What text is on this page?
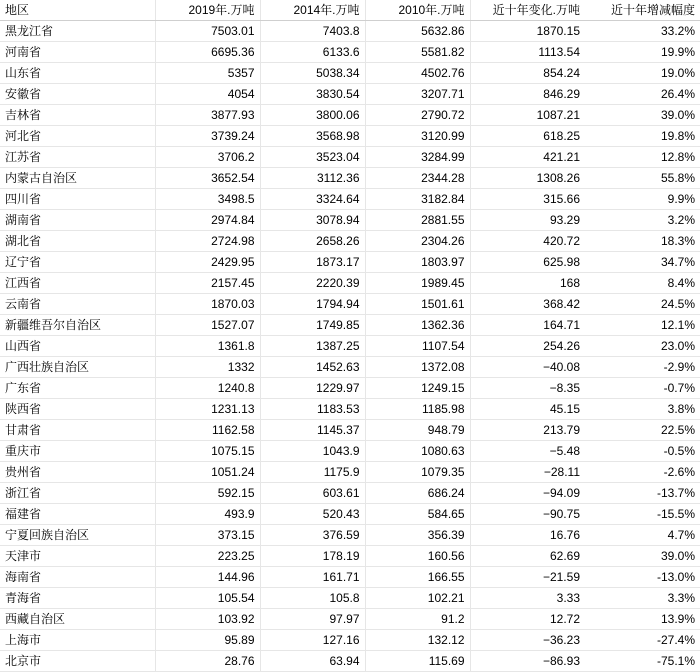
地区	2019年.万吨	2014年.万吨	2010年.万吨	近十年变化.万吨	近十年增减幅度
黑龙江省	7503.01	7403.8	5632.86	1870.15	33.2%
河南省	6695.36	6133.6	5581.82	1113.54	19.9%
山东省	5357	5038.34	4502.76	854.24	19.0%
安徽省	4054	3830.54	3207.71	846.29	26.4%
吉林省	3877.93	3800.06	2790.72	1087.21	39.0%
河北省	3739.24	3568.98	3120.99	618.25	19.8%
江苏省	3706.2	3523.04	3284.99	421.21	12.8%
内蒙古自治区	3652.54	3112.36	2344.28	1308.26	55.8%
四川省	3498.5	3324.64	3182.84	315.66	9.9%
湖南省	2974.84	3078.94	2881.55	93.29	3.2%
湖北省	2724.98	2658.26	2304.26	420.72	18.3%
辽宁省	2429.95	1873.17	1803.97	625.98	34.7%
江西省	2157.45	2220.39	1989.45	168	8.4%
云南省	1870.03	1794.94	1501.61	368.42	24.5%
新疆维吾尔自治区	1527.07	1749.85	1362.36	164.71	12.1%
山西省	1361.8	1387.25	1107.54	254.26	23.0%
广西壮族自治区	1332	1452.63	1372.08	−40.08	-2.9%
广东省	1240.8	1229.97	1249.15	−8.35	-0.7%
陕西省	1231.13	1183.53	1185.98	45.15	3.8%
甘肃省	1162.58	1145.37	948.79	213.79	22.5%
重庆市	1075.15	1043.9	1080.63	−5.48	-0.5%
贵州省	1051.24	1175.9	1079.35	−28.11	-2.6%
浙江省	592.15	603.61	686.24	−94.09	-13.7%
福建省	493.9	520.43	584.65	−90.75	-15.5%
宁夏回族自治区	373.15	376.59	356.39	16.76	4.7%
天津市	223.25	178.19	160.56	62.69	39.0%
海南省	144.96	161.71	166.55	−21.59	-13.0%
青海省	105.54	105.8	102.21	3.33	3.3%
西藏自治区	103.92	97.97	91.2	12.72	13.9%
上海市	95.89	127.16	132.12	−36.23	-27.4%
北京市	28.76	63.94	115.69	−86.93	-75.1%
